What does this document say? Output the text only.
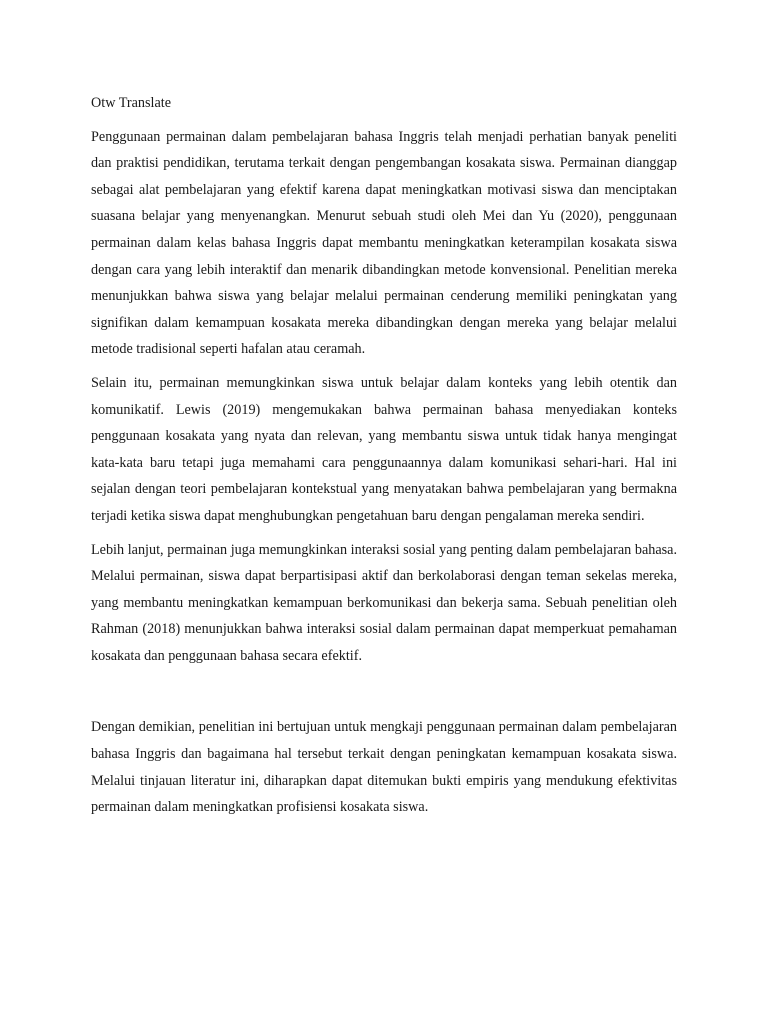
Otw Translate

Penggunaan permainan dalam pembelajaran bahasa Inggris telah menjadi perhatian banyak peneliti dan praktisi pendidikan, terutama terkait dengan pengembangan kosakata siswa. Permainan dianggap sebagai alat pembelajaran yang efektif karena dapat meningkatkan motivasi siswa dan menciptakan suasana belajar yang menyenangkan. Menurut sebuah studi oleh Mei dan Yu (2020), penggunaan permainan dalam kelas bahasa Inggris dapat membantu meningkatkan keterampilan kosakata siswa dengan cara yang lebih interaktif dan menarik dibandingkan metode konvensional. Penelitian mereka menunjukkan bahwa siswa yang belajar melalui permainan cenderung memiliki peningkatan yang signifikan dalam kemampuan kosakata mereka dibandingkan dengan mereka yang belajar melalui metode tradisional seperti hafalan atau ceramah.

Selain itu, permainan memungkinkan siswa untuk belajar dalam konteks yang lebih otentik dan komunikatif. Lewis (2019) mengemukakan bahwa permainan bahasa menyediakan konteks penggunaan kosakata yang nyata dan relevan, yang membantu siswa untuk tidak hanya mengingat kata-kata baru tetapi juga memahami cara penggunaannya dalam komunikasi sehari-hari. Hal ini sejalan dengan teori pembelajaran kontekstual yang menyatakan bahwa pembelajaran yang bermakna terjadi ketika siswa dapat menghubungkan pengetahuan baru dengan pengalaman mereka sendiri.

Lebih lanjut, permainan juga memungkinkan interaksi sosial yang penting dalam pembelajaran bahasa. Melalui permainan, siswa dapat berpartisipasi aktif dan berkolaborasi dengan teman sekelas mereka, yang membantu meningkatkan kemampuan berkomunikasi dan bekerja sama. Sebuah penelitian oleh Rahman (2018) menunjukkan bahwa interaksi sosial dalam permainan dapat memperkuat pemahaman kosakata dan penggunaan bahasa secara efektif.

Dengan demikian, penelitian ini bertujuan untuk mengkaji penggunaan permainan dalam pembelajaran bahasa Inggris dan bagaimana hal tersebut terkait dengan peningkatan kemampuan kosakata siswa. Melalui tinjauan literatur ini, diharapkan dapat ditemukan bukti empiris yang mendukung efektivitas permainan dalam meningkatkan profisiensi kosakata siswa.
